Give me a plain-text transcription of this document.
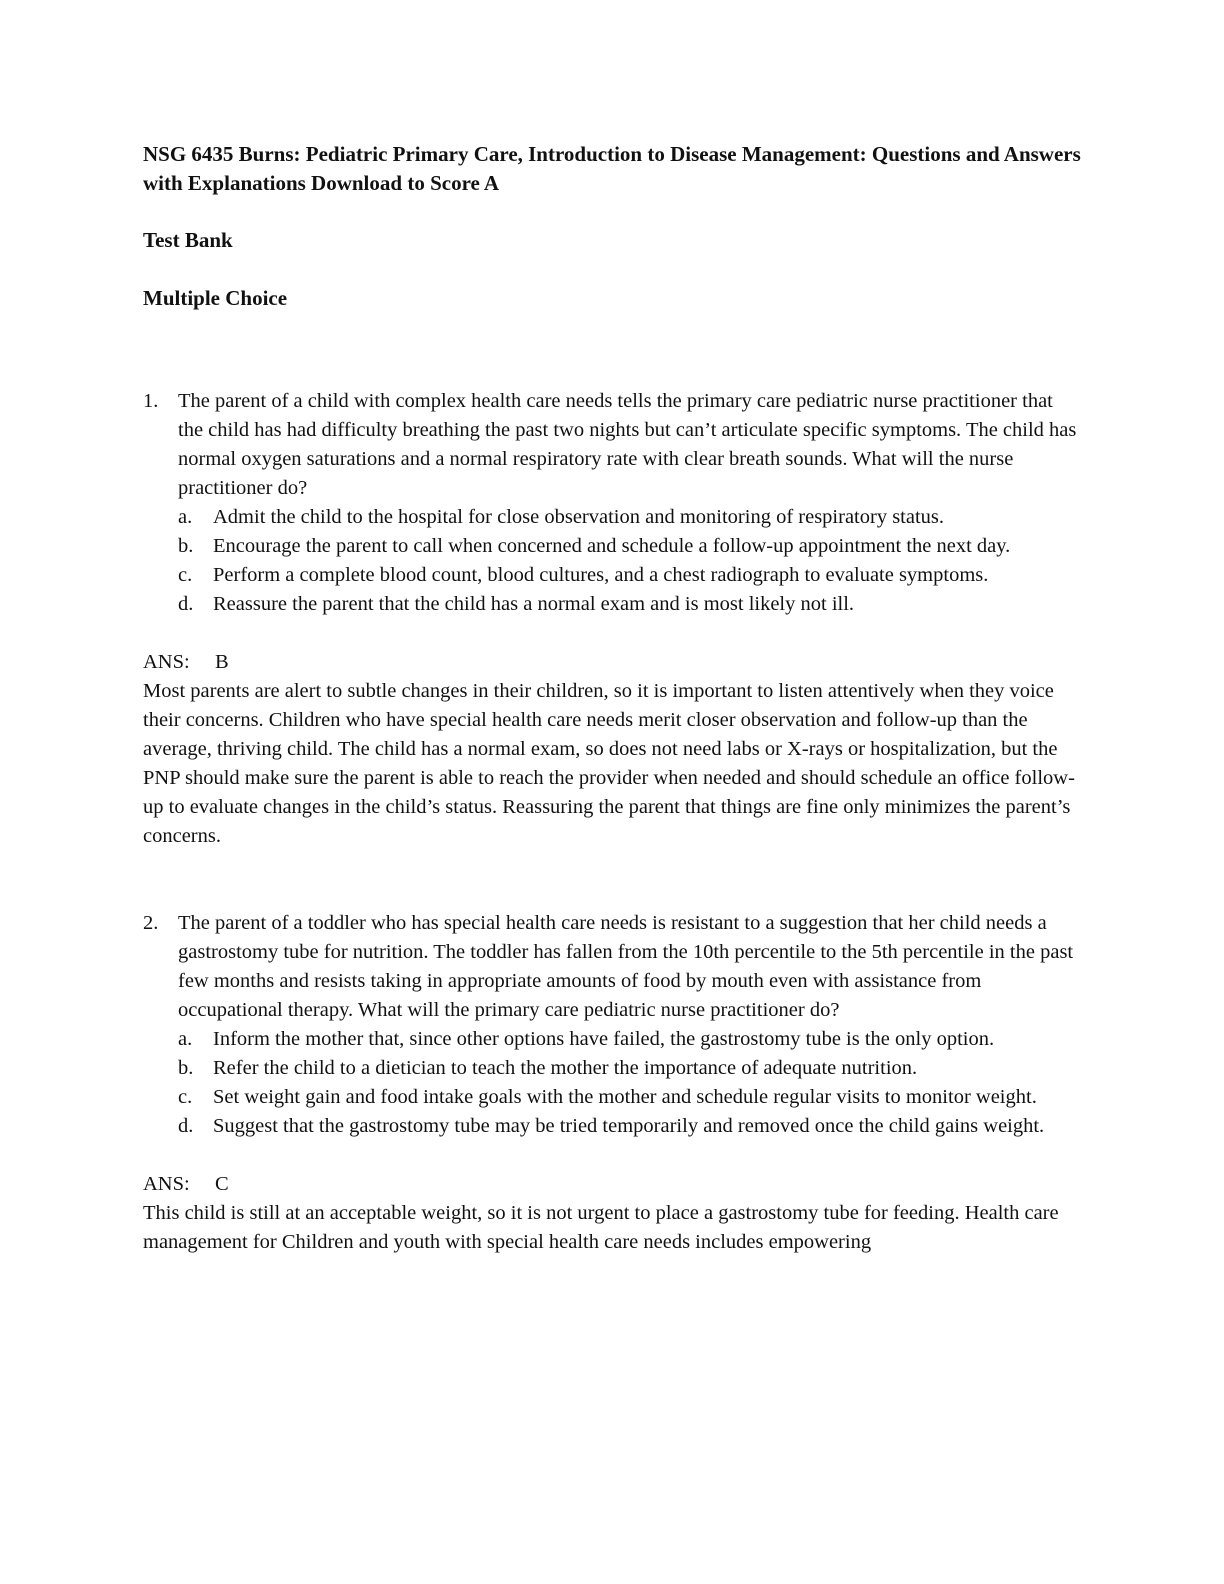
NSG 6435 Burns: Pediatric Primary Care, Introduction to Disease Management: Questions and Answers with Explanations Download to Score A

Test Bank

Multiple Choice

1. The parent of a child with complex health care needs tells the primary care pediatric nurse practitioner that the child has had difficulty breathing the past two nights but can’t articulate specific symptoms. The child has normal oxygen saturations and a normal respiratory rate with clear breath sounds. What will the nurse practitioner do?
a.	Admit the child to the hospital for close observation and monitoring of respiratory status.
b. Encourage the parent to call when concerned and schedule a follow-up appointment the next day.
c.	Perform a complete blood count, blood cultures, and a chest radiograph to evaluate symptoms.
d. Reassure the parent that the child has a normal exam and is most likely not ill.
ANS:	B

Most parents are alert to subtle changes in their children, so it is important to listen attentively when they voice their concerns. Children who have special health care needs merit closer observation and follow-up than the average, thriving child. The child has a normal exam, so does not need labs or X-rays or hospitalization, but the PNP should make sure the parent is able to reach the provider when needed and should schedule an office follow-up to evaluate changes in the child’s status. Reassuring the parent that things are fine only minimizes the parent’s concerns.

2. The parent of a toddler who has special health care needs is resistant to a suggestion that her child needs a gastrostomy tube for nutrition. The toddler has fallen from the 10th percentile to the 5th percentile in the past few months and resists taking in appropriate amounts of food by mouth even with assistance from occupational therapy. What will the primary care pediatric nurse practitioner do?
a.	Inform the mother that, since other options have failed, the gastrostomy tube is the only option.
b. Refer the child to a dietician to teach the mother the importance of adequate nutrition.
c.	Set weight gain and food intake goals with the mother and schedule regular visits to monitor weight.
d. Suggest that the gastrostomy tube may be tried temporarily and removed once the child gains weight.
ANS:	C

This child is still at an acceptable weight, so it is not urgent to place a gastrostomy tube for feeding. Health care management for Children and youth with special health care needs includes empowering
